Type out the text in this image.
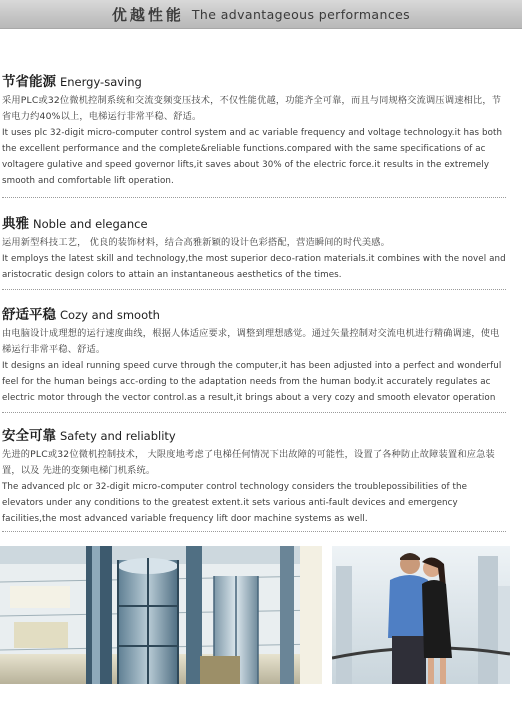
优越性能 The advantageous performances
节省能源 Energy-saving

采用PLC或32位微机控制系统和交流变频变压技术，不仅性能优越，功能齐全可靠，而且与同规格交流调压调速相比，节省电力约40%以上，电梯运行非常平稳、舒适。

It uses plc 32-digit micro-computer control system and ac variable frequency and voltage technology.it has both the excellent performance and the complete&reliable functions.compared with the same specifications of ac voltagere gulative and speed governor lifts,it saves about 30% of the electric force.it results in the extremely smooth and comfortable lift operation.

典雅 Noble and elegance

运用新型科技工艺， 优良的装饰材料，结合高雅新颖的设计色彩搭配，营造瞬间的时代美感。

It employs the latest skill and technology,the most superior deco-ration materials.it combines with the novel and aristocratic design colors to attain an instantaneous aesthetics of the times.

舒适平稳 Cozy and smooth

由电脑设计成理想的运行速度曲线，根据人体适应要求，调整到理想感觉。通过矢量控制对交流电机进行精确调速，使电梯运行非常平稳、舒适。

It designs an ideal running speed curve through the computer,it has been adjusted into a perfect and wonderful feel for the human beings acc-ording to the adaptation needs from the human body.it accurately regulates ac electric motor through the vector control.as a result,it brings about a very cozy and smooth elevator operation

安全可靠 Safety and reliablity

先进的PLC或32位微机控制技术， 大限度地考虑了电梯任何情况下出故障的可能性，设置了各种防止故障装置和应急装置，以及 先进的变频电梯门机系统。

The advanced plc or 32-digit micro-computer control technology considers the troublepossibilities of the elevators under any conditions to the greatest extent.it sets various anti-fault devices and emergency facilities,the most advanced variable frequency lift door machine systems as well.
